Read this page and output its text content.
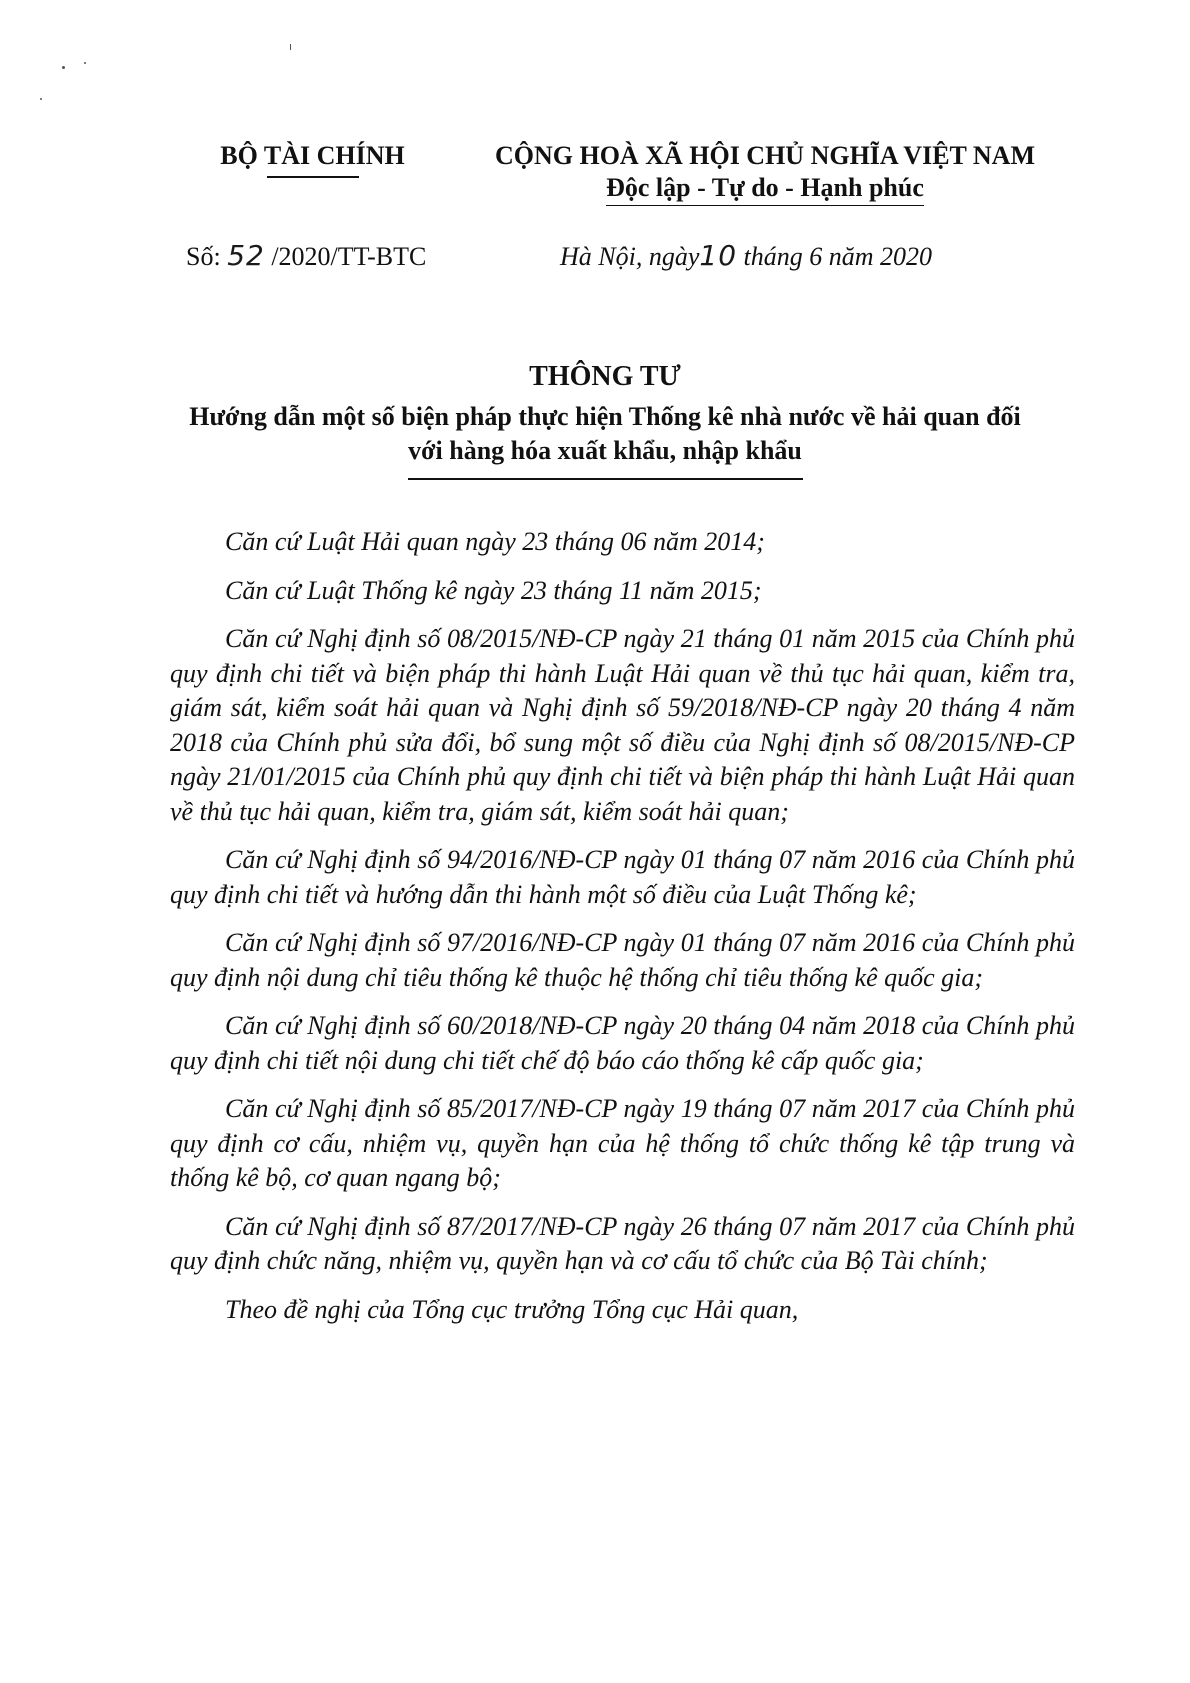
BỘ TÀI CHÍNH	CỘNG HOÀ XÃ HỘI CHỦ NGHĨA VIỆT NAM

Độc lập - Tự do - Hạnh phúc
Số: 52 /2020/TT-BTC	Hà Nội, ngày10 tháng 6 năm 2020

THÔNG TƯ

Hướng dẫn một số biện pháp thực hiện Thống kê nhà nước về hải quan đối

với hàng hóa xuất khẩu, nhập khẩu

Căn cứ Luật Hải quan ngày 23 tháng 06 năm 2014;

Căn cứ Luật Thống kê ngày 23 tháng 11 năm 2015;

Căn cứ Nghị định số 08/2015/NĐ-CP ngày 21 tháng 01 năm 2015 của Chính phủ quy định chi tiết và biện pháp thi hành Luật Hải quan về thủ tục hải quan, kiểm tra, giám sát, kiểm soát hải quan và Nghị định số 59/2018/NĐ-CP ngày 20 tháng 4 năm 2018 của Chính phủ sửa đổi, bổ sung một số điều của Nghị định số 08/2015/NĐ-CP ngày 21/01/2015 của Chính phủ quy định chi tiết và biện pháp thi hành Luật Hải quan về thủ tục hải quan, kiểm tra, giám sát, kiểm soát hải quan;

Căn cứ Nghị định số 94/2016/NĐ-CP ngày 01 tháng 07 năm 2016 của Chính phủ quy định chi tiết và hướng dẫn thi hành một số điều của Luật Thống kê;

Căn cứ Nghị định số 97/2016/NĐ-CP ngày 01 tháng 07 năm 2016 của Chính phủ quy định nội dung chỉ tiêu thống kê thuộc hệ thống chỉ tiêu thống kê quốc gia;

Căn cứ Nghị định số 60/2018/NĐ-CP ngày 20 tháng 04 năm 2018 của Chính phủ quy định chi tiết nội dung chi tiết chế độ báo cáo thống kê cấp quốc gia;

Căn cứ Nghị định số 85/2017/NĐ-CP ngày 19 tháng 07 năm 2017 của Chính phủ quy định cơ cấu, nhiệm vụ, quyền hạn của hệ thống tổ chức thống kê tập trung và thống kê bộ, cơ quan ngang bộ;

Căn cứ Nghị định số 87/2017/NĐ-CP ngày 26 tháng 07 năm 2017 của Chính phủ quy định chức năng, nhiệm vụ, quyền hạn và cơ cấu tổ chức của Bộ Tài chính;

Theo đề nghị của Tổng cục trưởng Tổng cục Hải quan,
